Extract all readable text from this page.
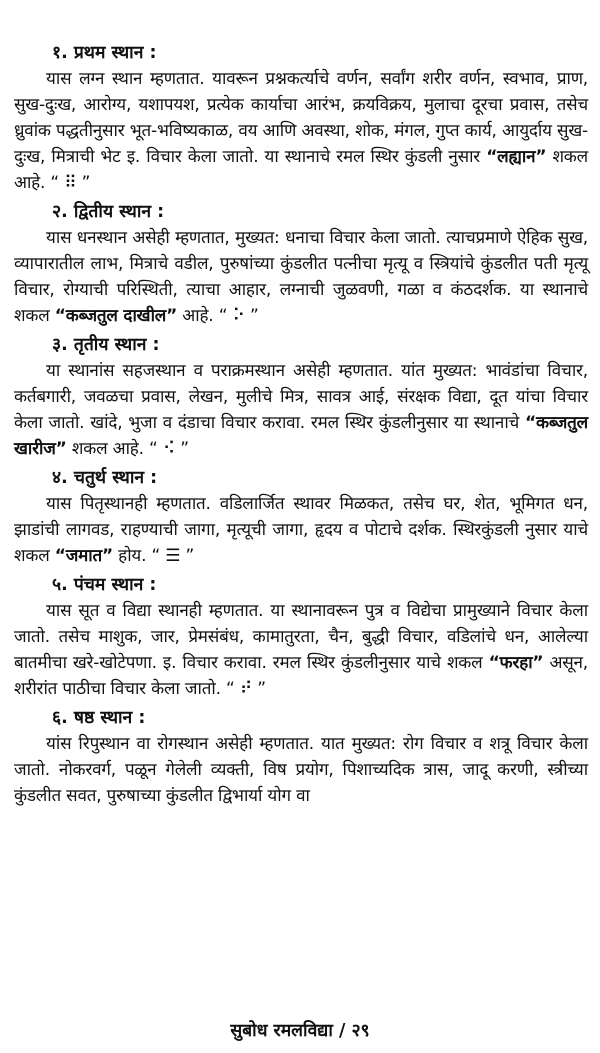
१. प्रथम स्थान :

यास लग्न स्थान म्हणतात. यावरून प्रश्नकर्त्याचे वर्णन, सर्वांग शरीर वर्णन, स्वभाव, प्राण, सुख-दुःख, आरोग्य, यशापयश, प्रत्येक कार्याचा आरंभ, क्रयविक्रय, मुलाचा दूरचा प्रवास, तसेच ध्रुवांक पद्धतीनुसार भूत-भविष्यकाळ, वय आणि अवस्था, शोक, मंगल, गुप्त कार्य, आयुर्दाय सुख-दुःख, मित्राची भेट इ. विचार केला जातो. या स्थानाचे रमल स्थिर कुंडली नुसार “लह्यान” शकल आहे. “ ⠿ ”

२. द्वितीय स्थान :

यास धनस्थान असेही म्हणतात, मुख्यत: धनाचा विचार केला जातो. त्याचप्रमाणे ऐहिक सुख, व्यापारातील लाभ, मित्राचे वडील, पुरुषांच्या कुंडलीत पत्नीचा मृत्यू व स्त्रियांचे कुंडलीत पती मृत्यू विचार, रोग्याची परिस्थिती, त्याचा आहार, लग्नाची जुळवणी, गळा व कंठदर्शक. या स्थानाचे शकल “कब्जतुल दाखील” आहे. “ ⠕ ”

३. तृतीय स्थान :

या स्थानांस सहजस्थान व पराक्रमस्थान असेही म्हणतात. यांत मुख्यत: भावंडांचा विचार, कर्तबगारी, जवळचा प्रवास, लेखन, मुलीचे मित्र, सावत्र आई, संरक्षक विद्या, दूत यांचा विचार केला जातो. खांदे, भुजा व दंडाचा विचार करावा. रमल स्थिर कुंडलीनुसार या स्थानाचे “कब्जतुल खारीज” शकल आहे. “ ⠪ ”

४. चतुर्थ स्थान :

यास पितृस्थानही म्हणतात. वडिलार्जित स्थावर मिळकत, तसेच घर, शेत, भूमिगत धन, झाडांची लागवड, राहण्याची जागा, मृत्यूची जागा, हृदय व पोटाचे दर्शक. स्थिरकुंडली नुसार याचे शकल “जमात” होय. “ ☰ ”

५. पंचम स्थान :

यास सूत व विद्या स्थानही म्हणतात. या स्थानावरून पुत्र व विद्येचा प्रामुख्याने विचार केला जातो. तसेच माशुक, जार, प्रेमसंबंध, कामातुरता, चैन, बुद्धी विचार, वडिलांचे धन, आलेल्या बातमीचा खरे-खोटेपणा. इ. विचार करावा. रमल स्थिर कुंडलीनुसार याचे शकल “फरहा” असून, शरीरांत पाठीचा विचार केला जातो. “ ⠞ ”

६. षष्ठ स्थान :

यांस रिपुस्थान वा रोगस्थान असेही म्हणतात. यात मुख्यत: रोग विचार व शत्रू विचार केला जातो. नोकरवर्ग, पळून गेलेली व्यक्ती, विष प्रयोग, पिशाच्यदिक त्रास, जादू करणी, स्त्रीच्या कुंडलीत सवत, पुरुषाच्या कुंडलीत द्विभार्या योग वा

सुबोध रमलविद्या / २९
